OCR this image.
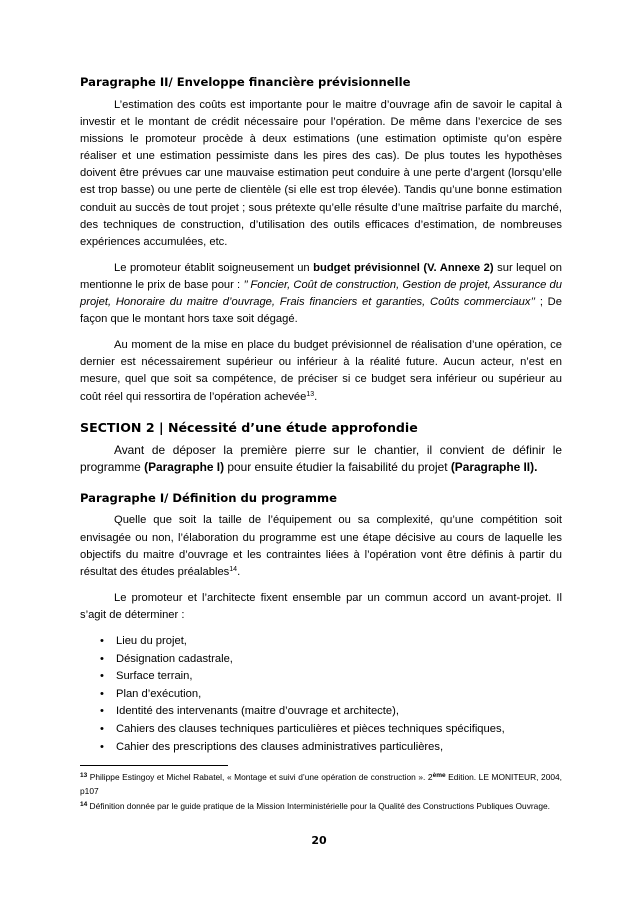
Paragraphe II/ Enveloppe financière prévisionnelle

L’estimation des coûts est importante pour le maitre d’ouvrage afin de savoir le capital à investir et le montant de crédit nécessaire pour l’opération. De même dans l’exercice de ses missions le promoteur procède à deux estimations (une estimation optimiste qu’on espère réaliser et une estimation pessimiste dans les pires des cas). De plus toutes les hypothèses doivent être prévues car une mauvaise estimation peut conduire à une perte d’argent (lorsqu’elle est trop basse) ou une perte de clientèle (si elle est trop élevée). Tandis qu’une bonne estimation conduit au succès de tout projet ; sous prétexte qu’elle résulte d’une maîtrise parfaite du marché, des techniques de construction, d’utilisation des outils efficaces d’estimation, de nombreuses expériences accumulées, etc.

Le promoteur établit soigneusement un budget prévisionnel (V. Annexe 2) sur lequel on mentionne le prix de base pour : ’’ Foncier, Coût de construction, Gestion de projet, Assurance du projet, Honoraire du maitre d’ouvrage, Frais financiers et garanties, Coûts commerciaux’’ ; De façon que le montant hors taxe soit dégagé.

Au moment de la mise en place du budget prévisionnel de réalisation d’une opération, ce dernier est nécessairement supérieur ou inférieur à la réalité future. Aucun acteur, n’est en mesure, quel que soit sa compétence, de préciser si ce budget sera inférieur ou supérieur au coût réel qui ressortira de l’opération achevée$^{13}$.

SECTION 2 | Nécessité d’une étude approfondie

Avant de déposer la première pierre sur le chantier, il convient de définir le programme (Paragraphe I) pour ensuite étudier la faisabilité du projet (Paragraphe II).

Paragraphe I/ Définition du programme

Quelle que soit la taille de l’équipement ou sa complexité, qu’une compétition soit envisagée ou non, l’élaboration du programme est une étape décisive au cours de laquelle les objectifs du maitre d’ouvrage et les contraintes liées à l’opération vont être définis à partir du résultat des études préalables$^{14}$.

Le promoteur et l’architecte fixent ensemble par un commun accord un avant-projet. Il s’agit de déterminer :

• Lieu du projet,
• Désignation cadastrale,
• Surface terrain,
• Plan d’exécution,
• Identité des intervenants (maitre d’ouvrage et architecte),
• Cahiers des clauses techniques particulières et pièces techniques spécifiques,
• Cahier des prescriptions des clauses administratives particulières,
$^{13}$ Philippe Estingoy et Michel Rabatel, « Montage et suivi d’une opération de construction ». 2ème Edition. LE MONITEUR, 2004, p107
$^{14}$ Définition donnée par le guide pratique de la Mission Interministérielle pour la Qualité des Constructions Publiques Ouvrage.
20
